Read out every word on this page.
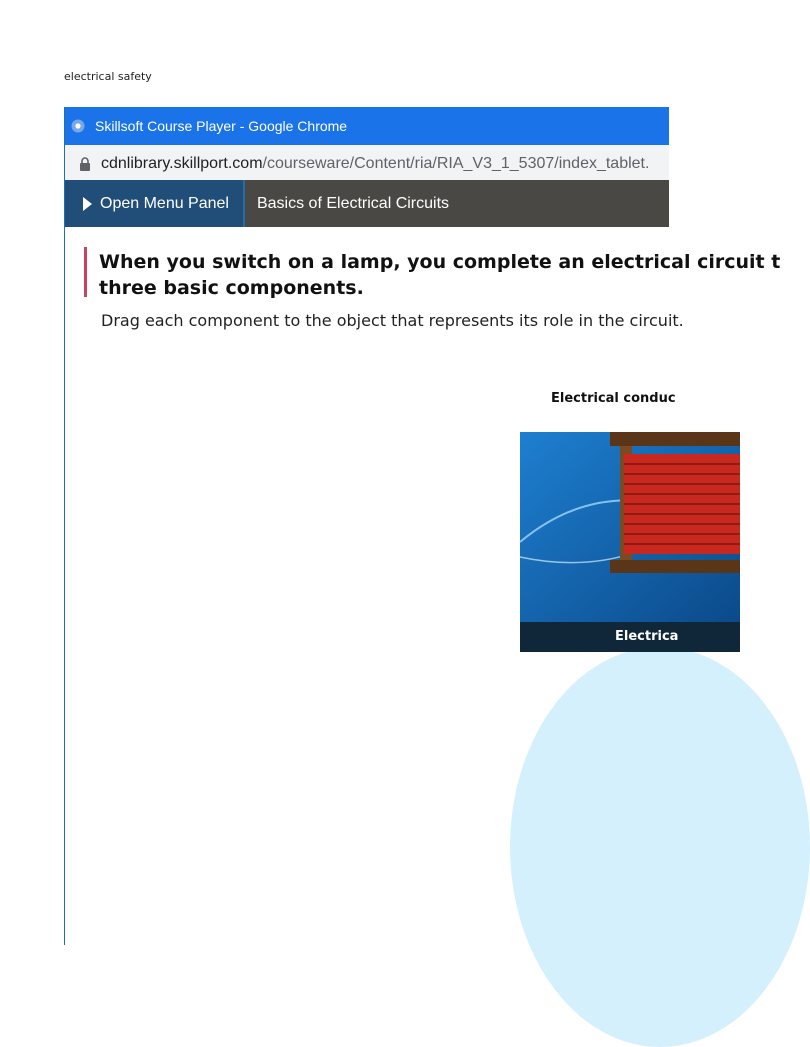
electrical safety
Skillsoft Course Player - Google Chrome
cdnlibrary.skillport.com/courseware/Content/ria/RIA_V3_1_5307/index_tablet.
Open Menu Panel	Basics of Electrical Circuits
When you switch on a lamp, you complete an electrical circuit t three basic components.
Drag each component to the object that represents its role in the circuit.
Electrical conduc
Electrica
